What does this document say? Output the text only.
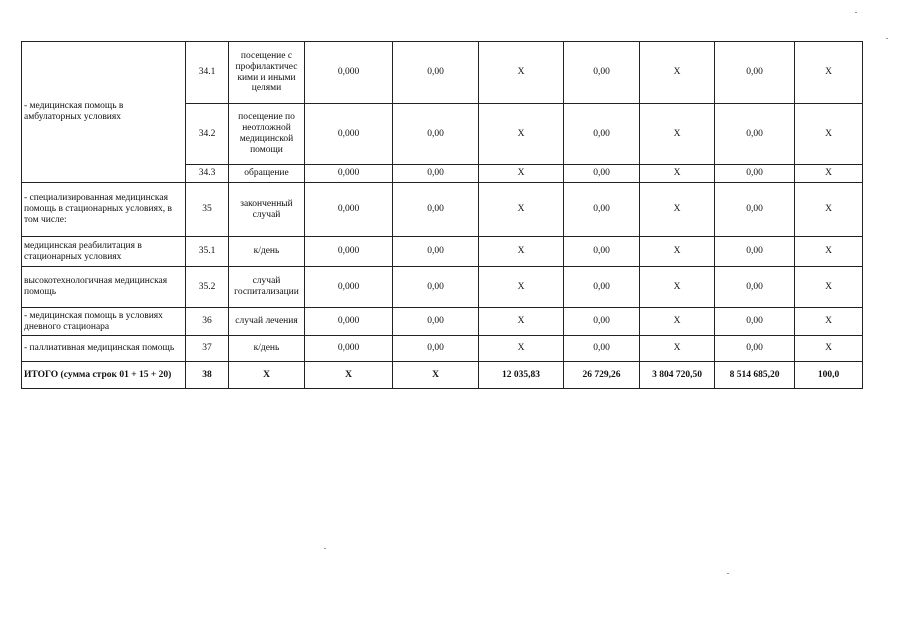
- медицинская помощь в амбулаторных условиях	34.1	посещение с профилактичес кими и иными целями	0,000	0,00	X	0,00	X	0,00	X
	34.2	посещение по неотложной медицинской помощи	0,000	0,00	X	0,00	X	0,00	X
	34.3	обращение	0,000	0,00	X	0,00	X	0,00	X
- специализированная медицинская помощь в стационарных условиях, в том числе:	35	законченный случай	0,000	0,00	X	0,00	X	0,00	X
медицинская реабилитация в стационарных условиях	35.1	к/день	0,000	0,00	X	0,00	X	0,00	X
высокотехнологичная медицинская помощь	35.2	случай госпитализации	0,000	0,00	X	0,00	X	0,00	X
- медицинская помощь в условиях дневного стационара	36	случай лечения	0,000	0,00	X	0,00	X	0,00	X
- паллиативная медицинская помощь	37	к/день	0,000	0,00	X	0,00	X	0,00	X
ИТОГО (сумма строк 01 + 15 + 20)	38	X	X	X	12 035,83	26 729,26	3 804 720,50	8 514 685,20	100,0
